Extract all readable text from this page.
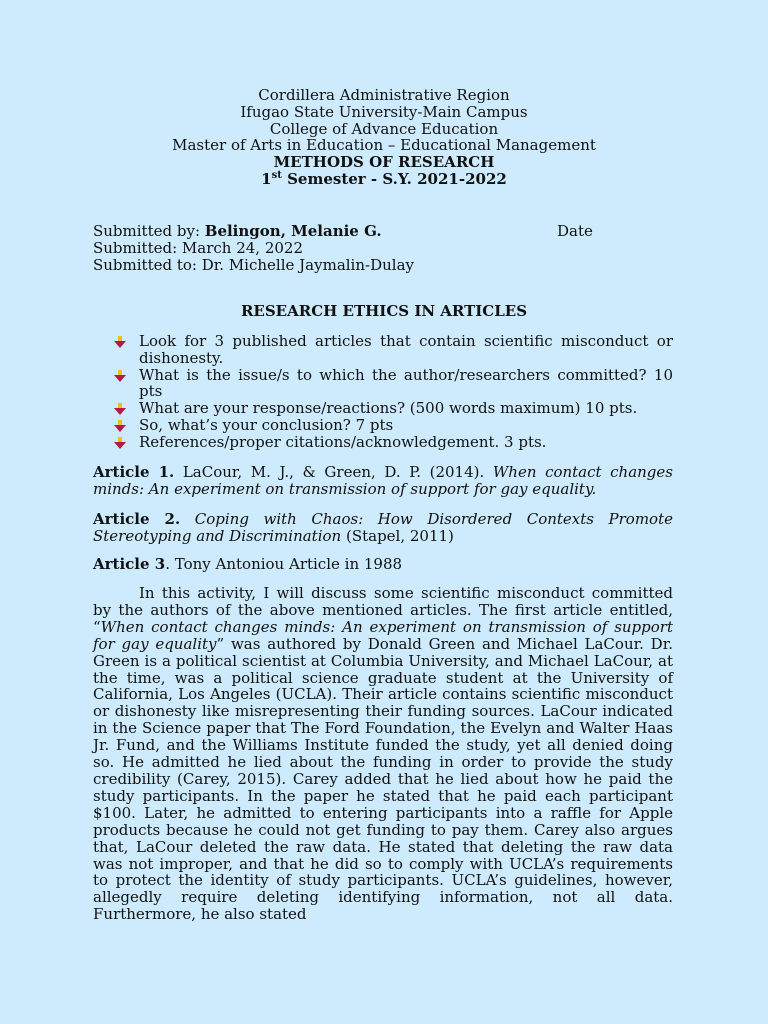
Cordillera Administrative Region
Ifugao State University-Main Campus
College of Advance Education
Master of Arts in Education – Educational Management
METHODS OF RESEARCH
1st Semester - S.Y. 2021-2022
Submitted by: Belingon, Melanie G.	Date
Submitted: March 24, 2022
Submitted to: Dr. Michelle Jaymalin-Dulay
RESEARCH ETHICS IN ARTICLES
Look for 3 published articles that contain scientific misconduct or dishonesty.
What is the issue/s to which the author/researchers committed? 10 pts
What are your response/reactions? (500 words maximum) 10 pts.
So, what’s your conclusion? 7 pts
References/proper citations/acknowledgement. 3 pts.
Article 1. LaCour, M. J., & Green, D. P. (2014). When contact changes minds: An experiment on transmission of support for gay equality.
Article 2. Coping with Chaos: How Disordered Contexts Promote Stereotyping and Discrimination (Stapel, 2011)
Article 3. Tony Antoniou Article in 1988

In this activity, I will discuss some scientific misconduct committed by the authors of the above mentioned articles. The first article entitled, “When contact changes minds: An experiment on transmission of support for gay equality” was authored by Donald Green and Michael LaCour. Dr. Green is a political scientist at Columbia University, and Michael LaCour, at the time, was a political science graduate student at the University of California, Los Angeles (UCLA). Their article contains scientific misconduct or dishonesty like misrepresenting their funding sources. LaCour indicated in the Science paper that The Ford Foundation, the Evelyn and Walter Haas Jr. Fund, and the Williams Institute funded the study, yet all denied doing so. He admitted he lied about the funding in order to provide the study credibility (Carey, 2015). Carey added that he lied about how he paid the study participants. In the paper he stated that he paid each participant $100. Later, he admitted to entering participants into a raffle for Apple products because he could not get funding to pay them. Carey also argues that, LaCour deleted the raw data. He stated that deleting the raw data was not improper, and that he did so to comply with UCLA’s requirements to protect the identity of study participants. UCLA’s guidelines, however, allegedly require deleting identifying information, not all data. Furthermore, he also stated
